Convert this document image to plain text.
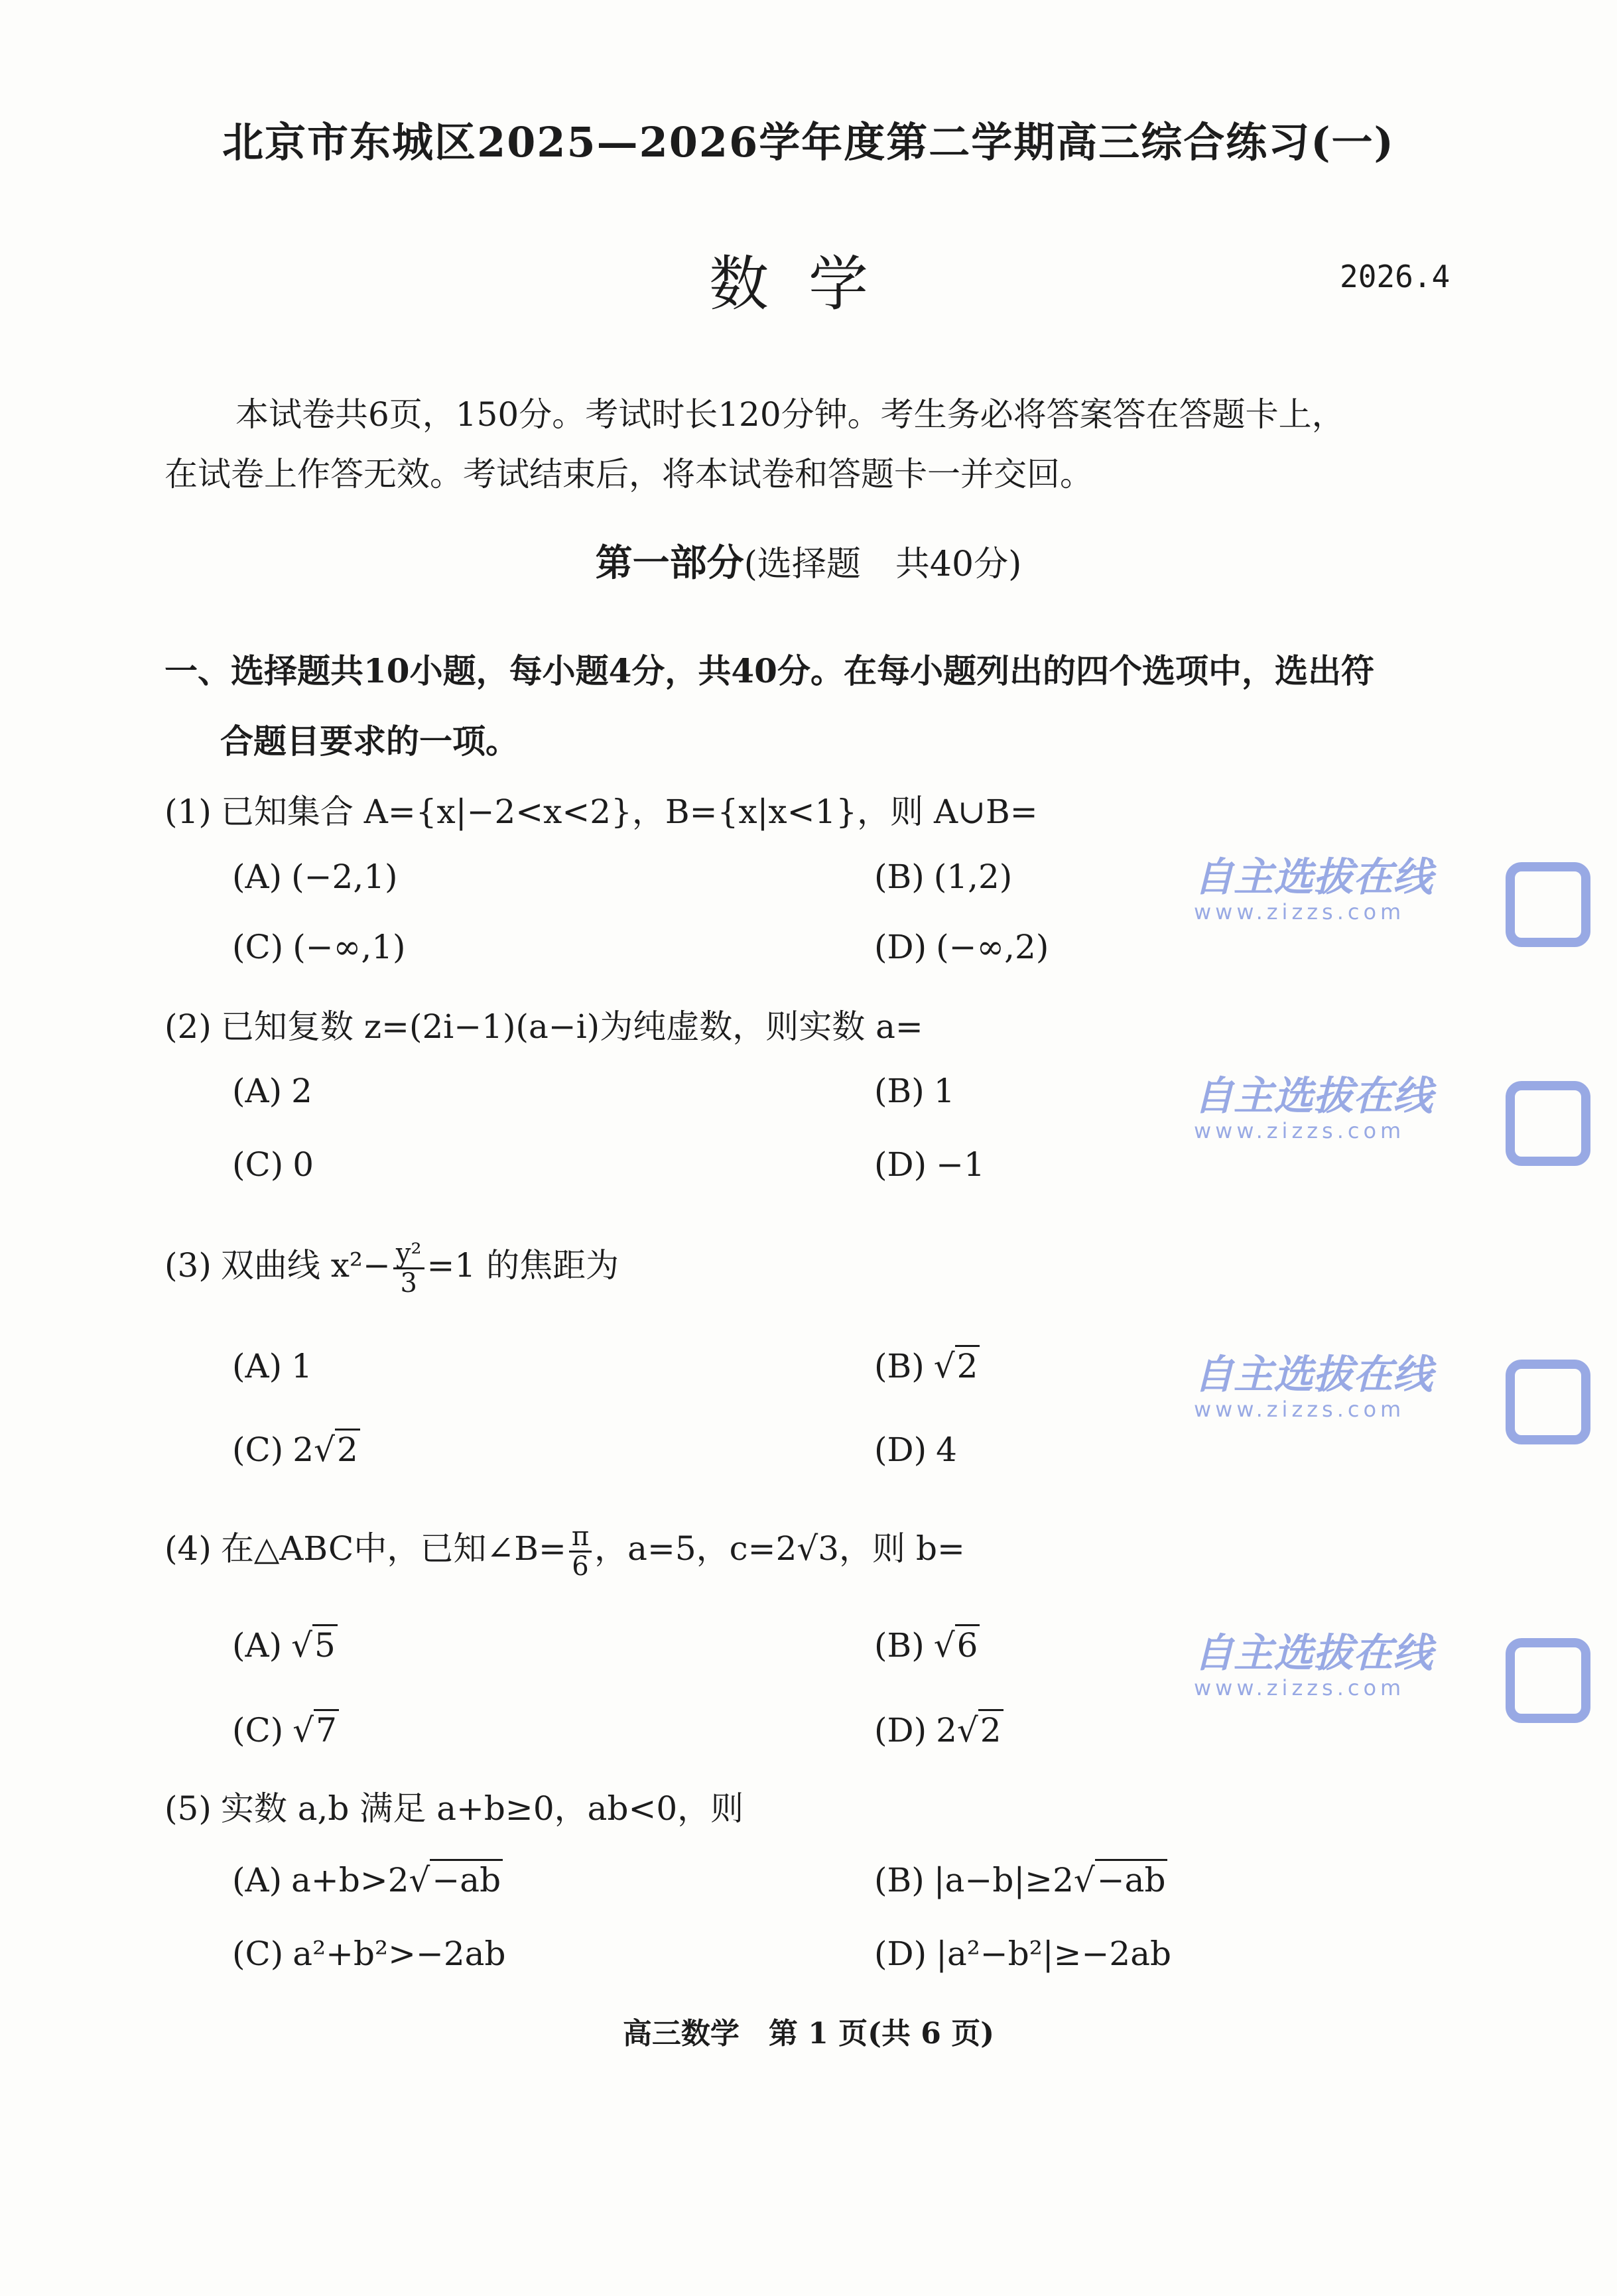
北京市东城区2025—2026学年度第二学期高三综合练习(一)
数学	2026.4
本试卷共6页，150分。考试时长120分钟。考生务必将答案答在答题卡上，
在试卷上作答无效。考试结束后，将本试卷和答题卡一并交回。
第一部分(选择题　共40分)
一、选择题共10小题，每小题4分，共40分。在每小题列出的四个选项中，选出符
合题目要求的一项。
(1) 已知集合 A={x|−2<x<2}，B={x|x<1}，则 A∪B=
(A) (−2,1)	(B) (1,2)
(C) (−∞,1)	(D) (−∞,2)
(2) 已知复数 z=(2i−1)(a−i)为纯虚数，则实数 a=
(A) 2	(B) 1
(C) 0	(D) −1
(3) 双曲线 $x^2- \frac{\text{y²}}{3} =1$ 的焦距为
(A) 1	(B) √2
(C) 2√2	(D) 4
(4) 在△ABC中，已知∠B= $\frac{\pi}{6}$ ，a=5，c=2√3，则 b=
(A) √5	(B) √6
(C) √7	(D) 2√2
(5) 实数 a,b 满足 a+b≥0，ab<0，则
(A) a+b>2√−ab	(B) |a−b|≥2√−ab
(C) a²+b²>−2ab	(D) |a²−b²|≥−2ab
高三数学　第 1 页(共 6 页)
自主选拔在线
www.zizzs.com
自主选拔在线
www.zizzs.com
自主选拔在线
www.zizzs.com
自主选拔在线
www.zizzs.com
